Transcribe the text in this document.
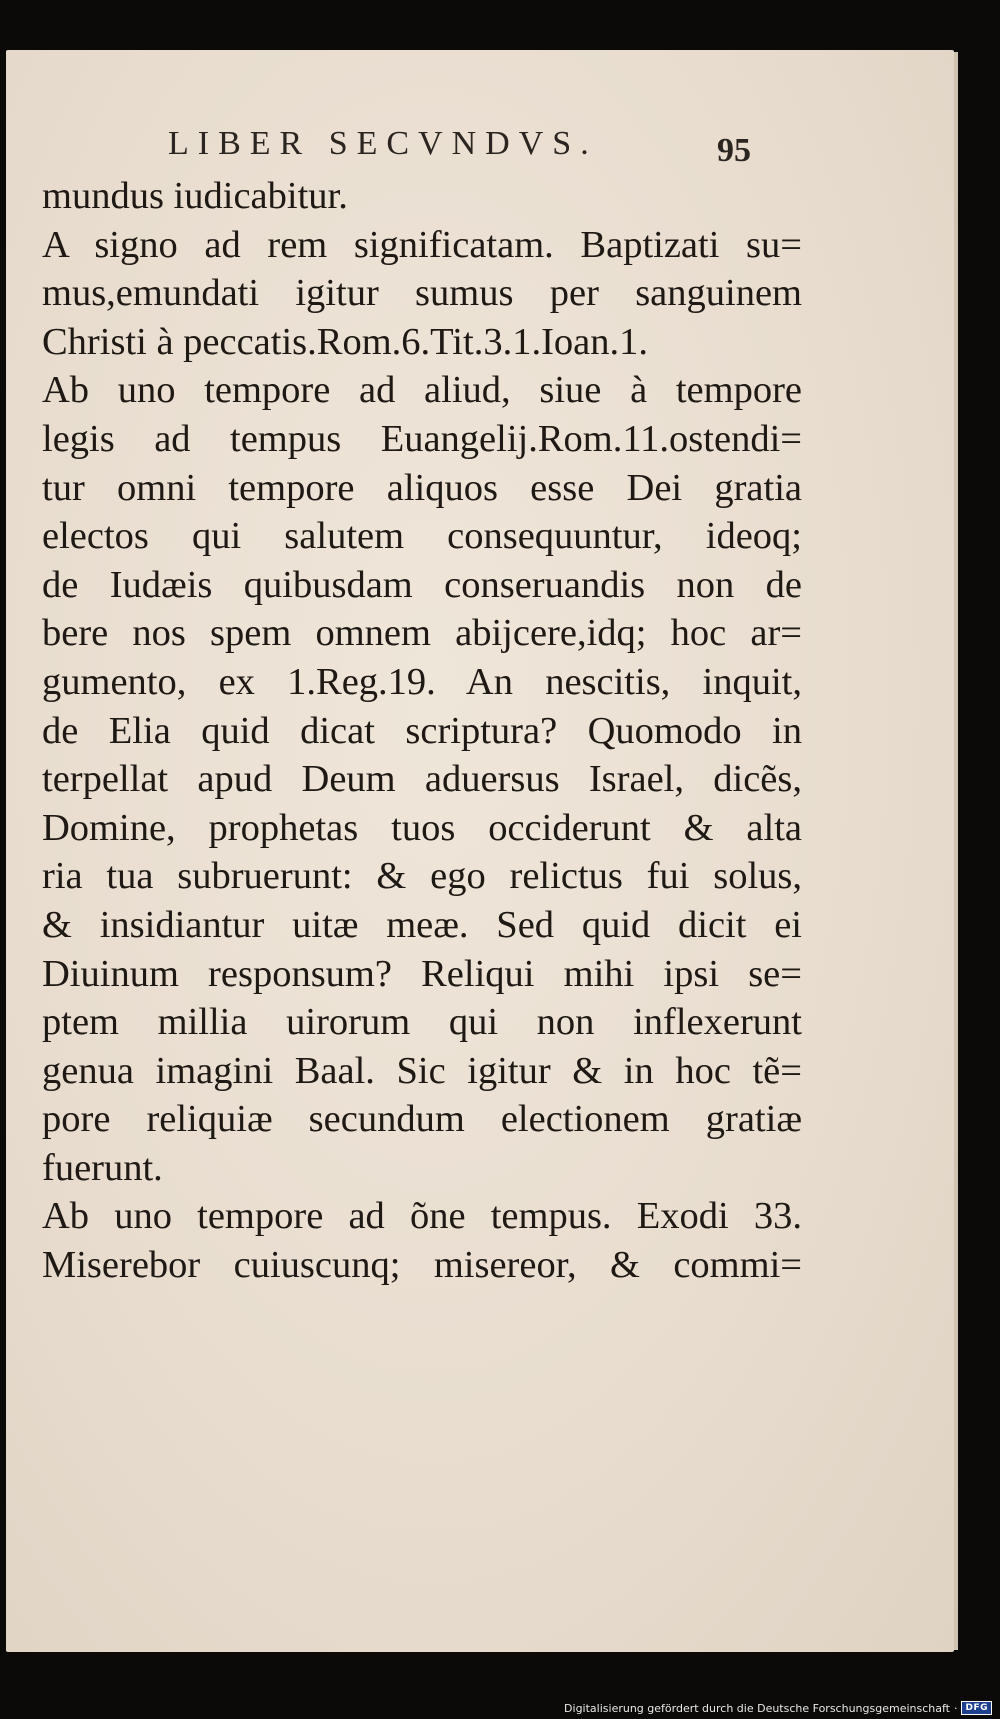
LIBER SECVNDVS.	95
mundus iudicabitur.
A signo ad rem significatam. Baptizati su=
mus,emundati igitur sumus per sanguinem
Christi à peccatis.Rom.6.Tit.3.1.Ioan.1.
Ab uno tempore ad aliud, siue à tempore
legis ad tempus Euangelij.Rom.11.ostendi=
tur omni tempore aliquos esse Dei gratia
electos qui salutem consequuntur, ideoq;
de Iudæis quibusdam conseruandis non de
bere nos spem omnem abijcere,idq; hoc ar=
gumento, ex 1.Reg.19. An nescitis, inquit,
de Elia quid dicat scriptura? Quomodo in
terpellat apud Deum aduersus Israel, dicẽs,
Domine, prophetas tuos occiderunt & alta
ria tua subruerunt: & ego relictus fui solus,
& insidiantur uitæ meæ. Sed quid dicit ei
Diuinum responsum? Reliqui mihi ipsi se=
ptem millia uirorum qui non inflexerunt
genua imagini Baal. Sic igitur & in hoc tẽ=
pore reliquiæ secundum electionem gratiæ
fuerunt.
Ab uno tempore ad õne tempus. Exodi 33.
Miserebor cuiuscunq; misereor, & commi=
Digitalisierung gefördert durch die Deutsche Forschungsgemeinschaft · DFG
